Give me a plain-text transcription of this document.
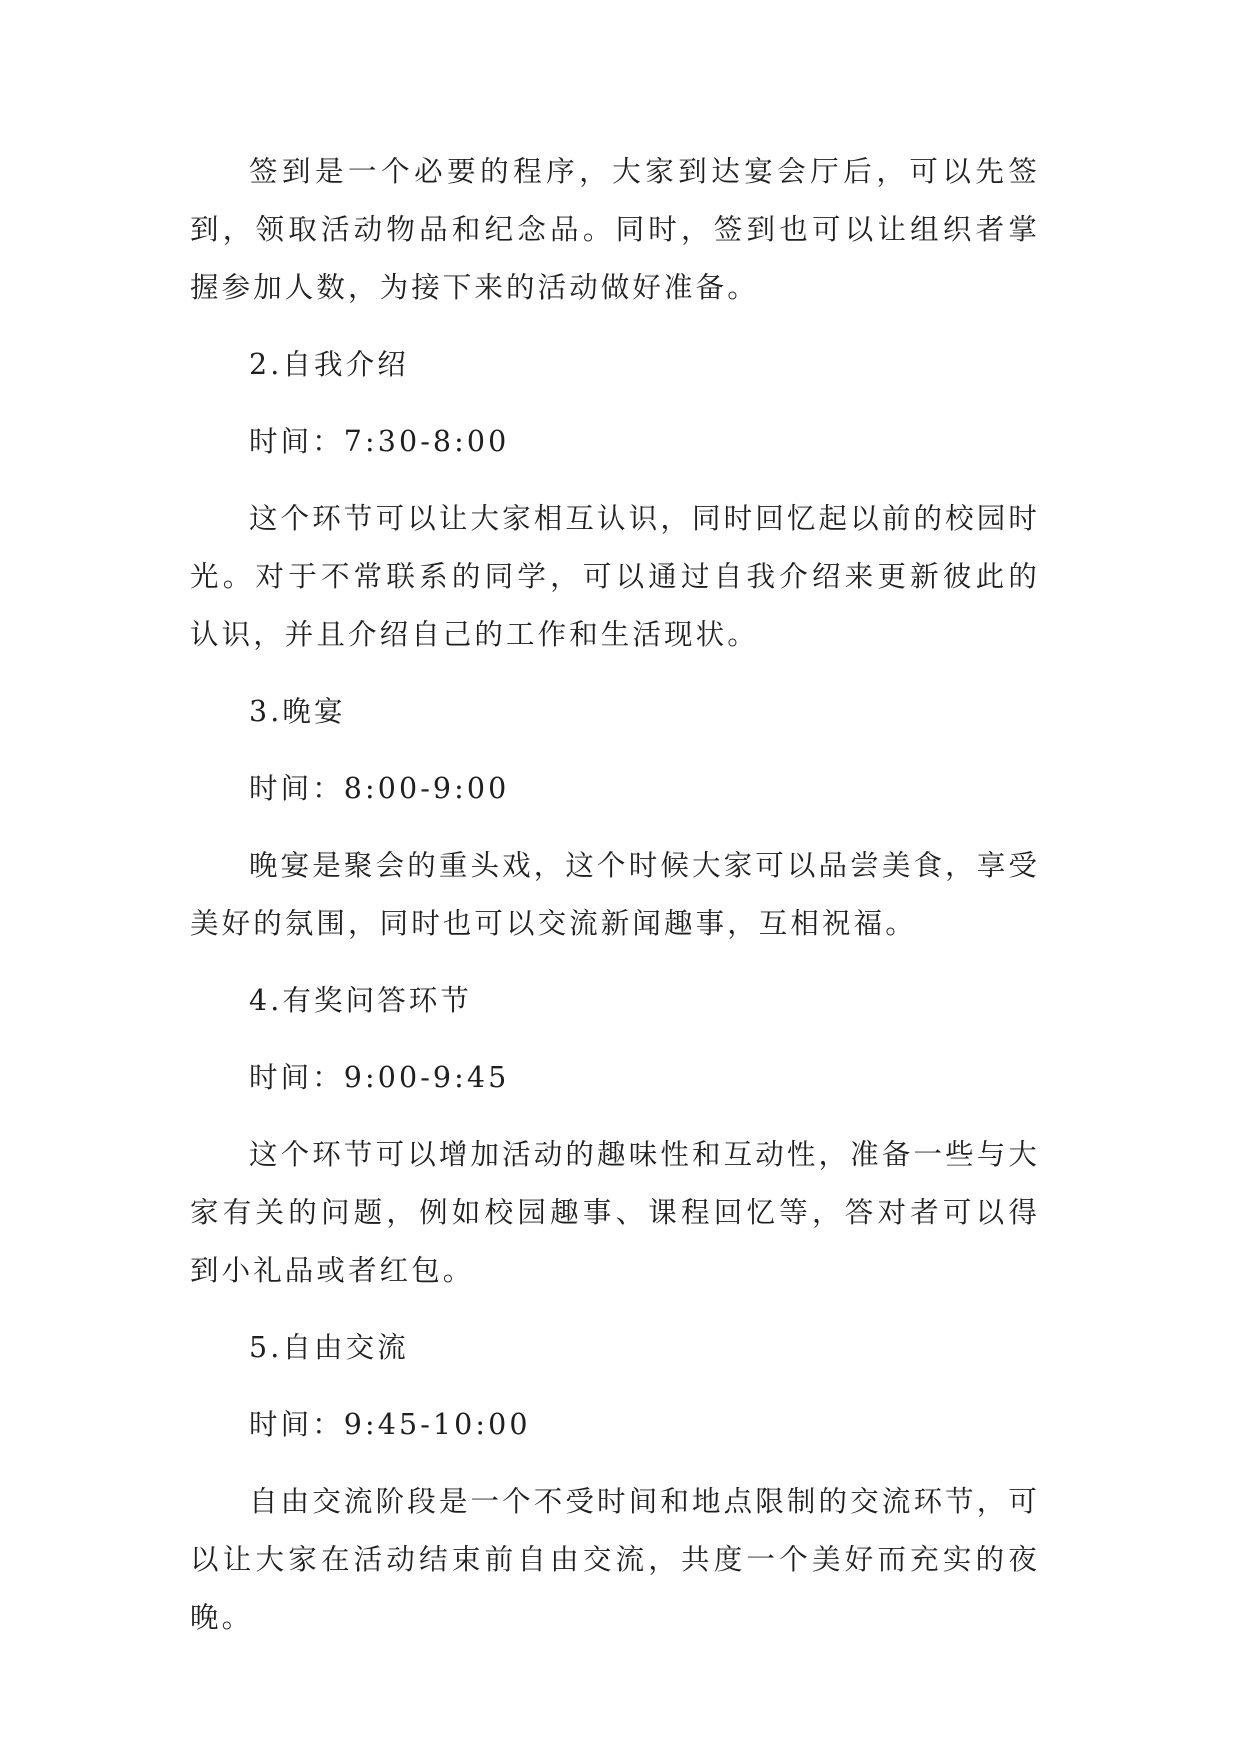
签到是一个必要的程序，大家到达宴会厅后，可以先签到，领取活动物品和纪念品。同时，签到也可以让组织者掌握参加人数，为接下来的活动做好准备。

2.自我介绍

时间：7:30-8:00

这个环节可以让大家相互认识，同时回忆起以前的校园时光。对于不常联系的同学，可以通过自我介绍来更新彼此的认识，并且介绍自己的工作和生活现状。

3.晚宴

时间：8:00-9:00

晚宴是聚会的重头戏，这个时候大家可以品尝美食，享受美好的氛围，同时也可以交流新闻趣事，互相祝福。

4.有奖问答环节

时间：9:00-9:45

这个环节可以增加活动的趣味性和互动性，准备一些与大家有关的问题，例如校园趣事、课程回忆等，答对者可以得到小礼品或者红包。

5.自由交流

时间：9:45-10:00

自由交流阶段是一个不受时间和地点限制的交流环节，可以让大家在活动结束前自由交流，共度一个美好而充实的夜晚。
